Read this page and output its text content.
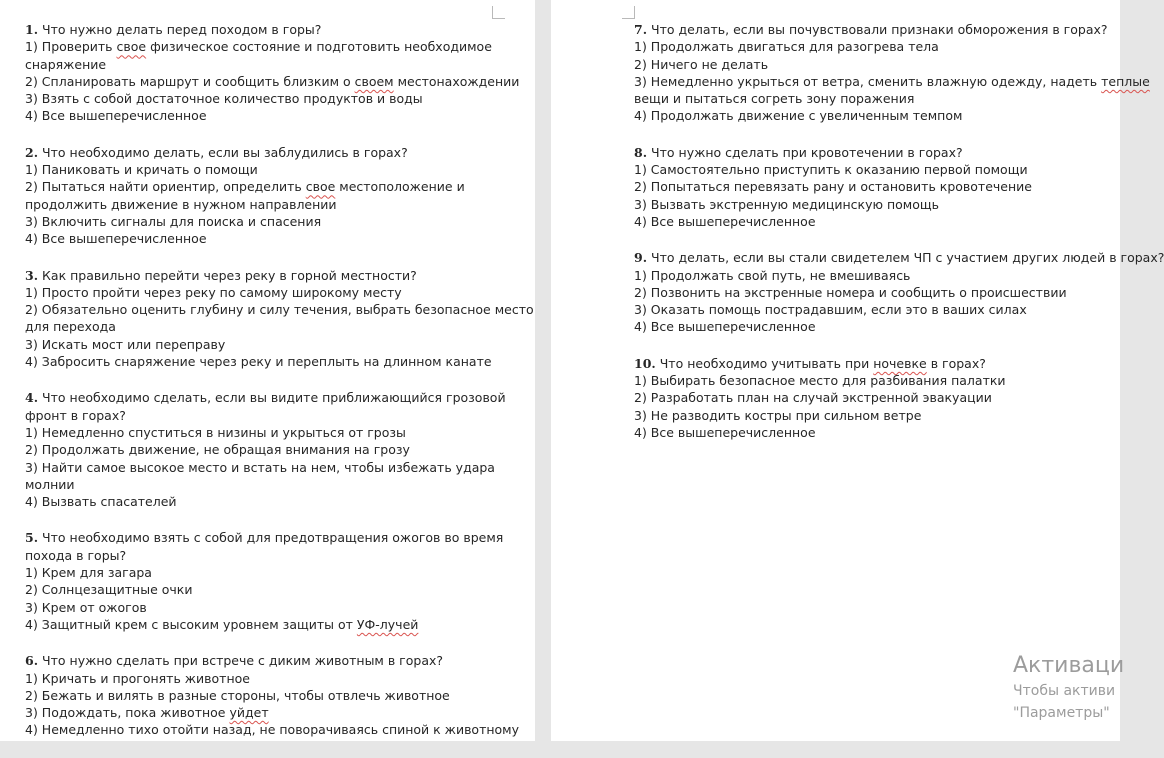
1. Что нужно делать перед походом в горы?
1) Проверить свое физическое состояние и подготовить необходимое
снаряжение
2) Спланировать маршрут и сообщить близким о своем местонахождении
3) Взять с собой достаточное количество продуктов и воды
4) Все вышеперечисленное
2. Что необходимо делать, если вы заблудились в горах?
1) Паниковать и кричать о помощи
2) Пытаться найти ориентир, определить свое местоположение и
продолжить движение в нужном направлении
3) Включить сигналы для поиска и спасения
4) Все вышеперечисленное
3. Как правильно перейти через реку в горной местности?
1) Просто пройти через реку по самому широкому месту
2) Обязательно оценить глубину и силу течения, выбрать безопасное место
для перехода
3) Искать мост или переправу
4) Забросить снаряжение через реку и переплыть на длинном канате
4. Что необходимо сделать, если вы видите приближающийся грозовой
фронт в горах?
1) Немедленно спуститься в низины и укрыться от грозы
2) Продолжать движение, не обращая внимания на грозу
3) Найти самое высокое место и встать на нем, чтобы избежать удара
молнии
4) Вызвать спасателей
5. Что необходимо взять с собой для предотвращения ожогов во время
похода в горы?
1) Крем для загара
2) Солнцезащитные очки
3) Крем от ожогов
4) Защитный крем с высоким уровнем защиты от УФ-лучей
6. Что нужно сделать при встрече с диким животным в горах?
1) Кричать и прогонять животное
2) Бежать и вилять в разные стороны, чтобы отвлечь животное
3) Подождать, пока животное уйдет
4) Немедленно тихо отойти назад, не поворачиваясь спиной к животному
7. Что делать, если вы почувствовали признаки обморожения в горах?
1) Продолжать двигаться для разогрева тела
2) Ничего не делать
3) Немедленно укрыться от ветра, сменить влажную одежду, надеть теплые
вещи и пытаться согреть зону поражения
4) Продолжать движение с увеличенным темпом
8. Что нужно сделать при кровотечении в горах?
1) Самостоятельно приступить к оказанию первой помощи
2) Попытаться перевязать рану и остановить кровотечение
3) Вызвать экстренную медицинскую помощь
4) Все вышеперечисленное
9. Что делать, если вы стали свидетелем ЧП с участием других людей в горах?
1) Продолжать свой путь, не вмешиваясь
2) Позвонить на экстренные номера и сообщить о происшествии
3) Оказать помощь пострадавшим, если это в ваших силах
4) Все вышеперечисленное
10. Что необходимо учитывать при ночевке в горах?
1) Выбирать безопасное место для разбивания палатки
2) Разработать план на случай экстренной эвакуации
3) Не разводить костры при сильном ветре
4) Все вышеперечисленное
Активаци
Чтобы активи
"Параметры"
